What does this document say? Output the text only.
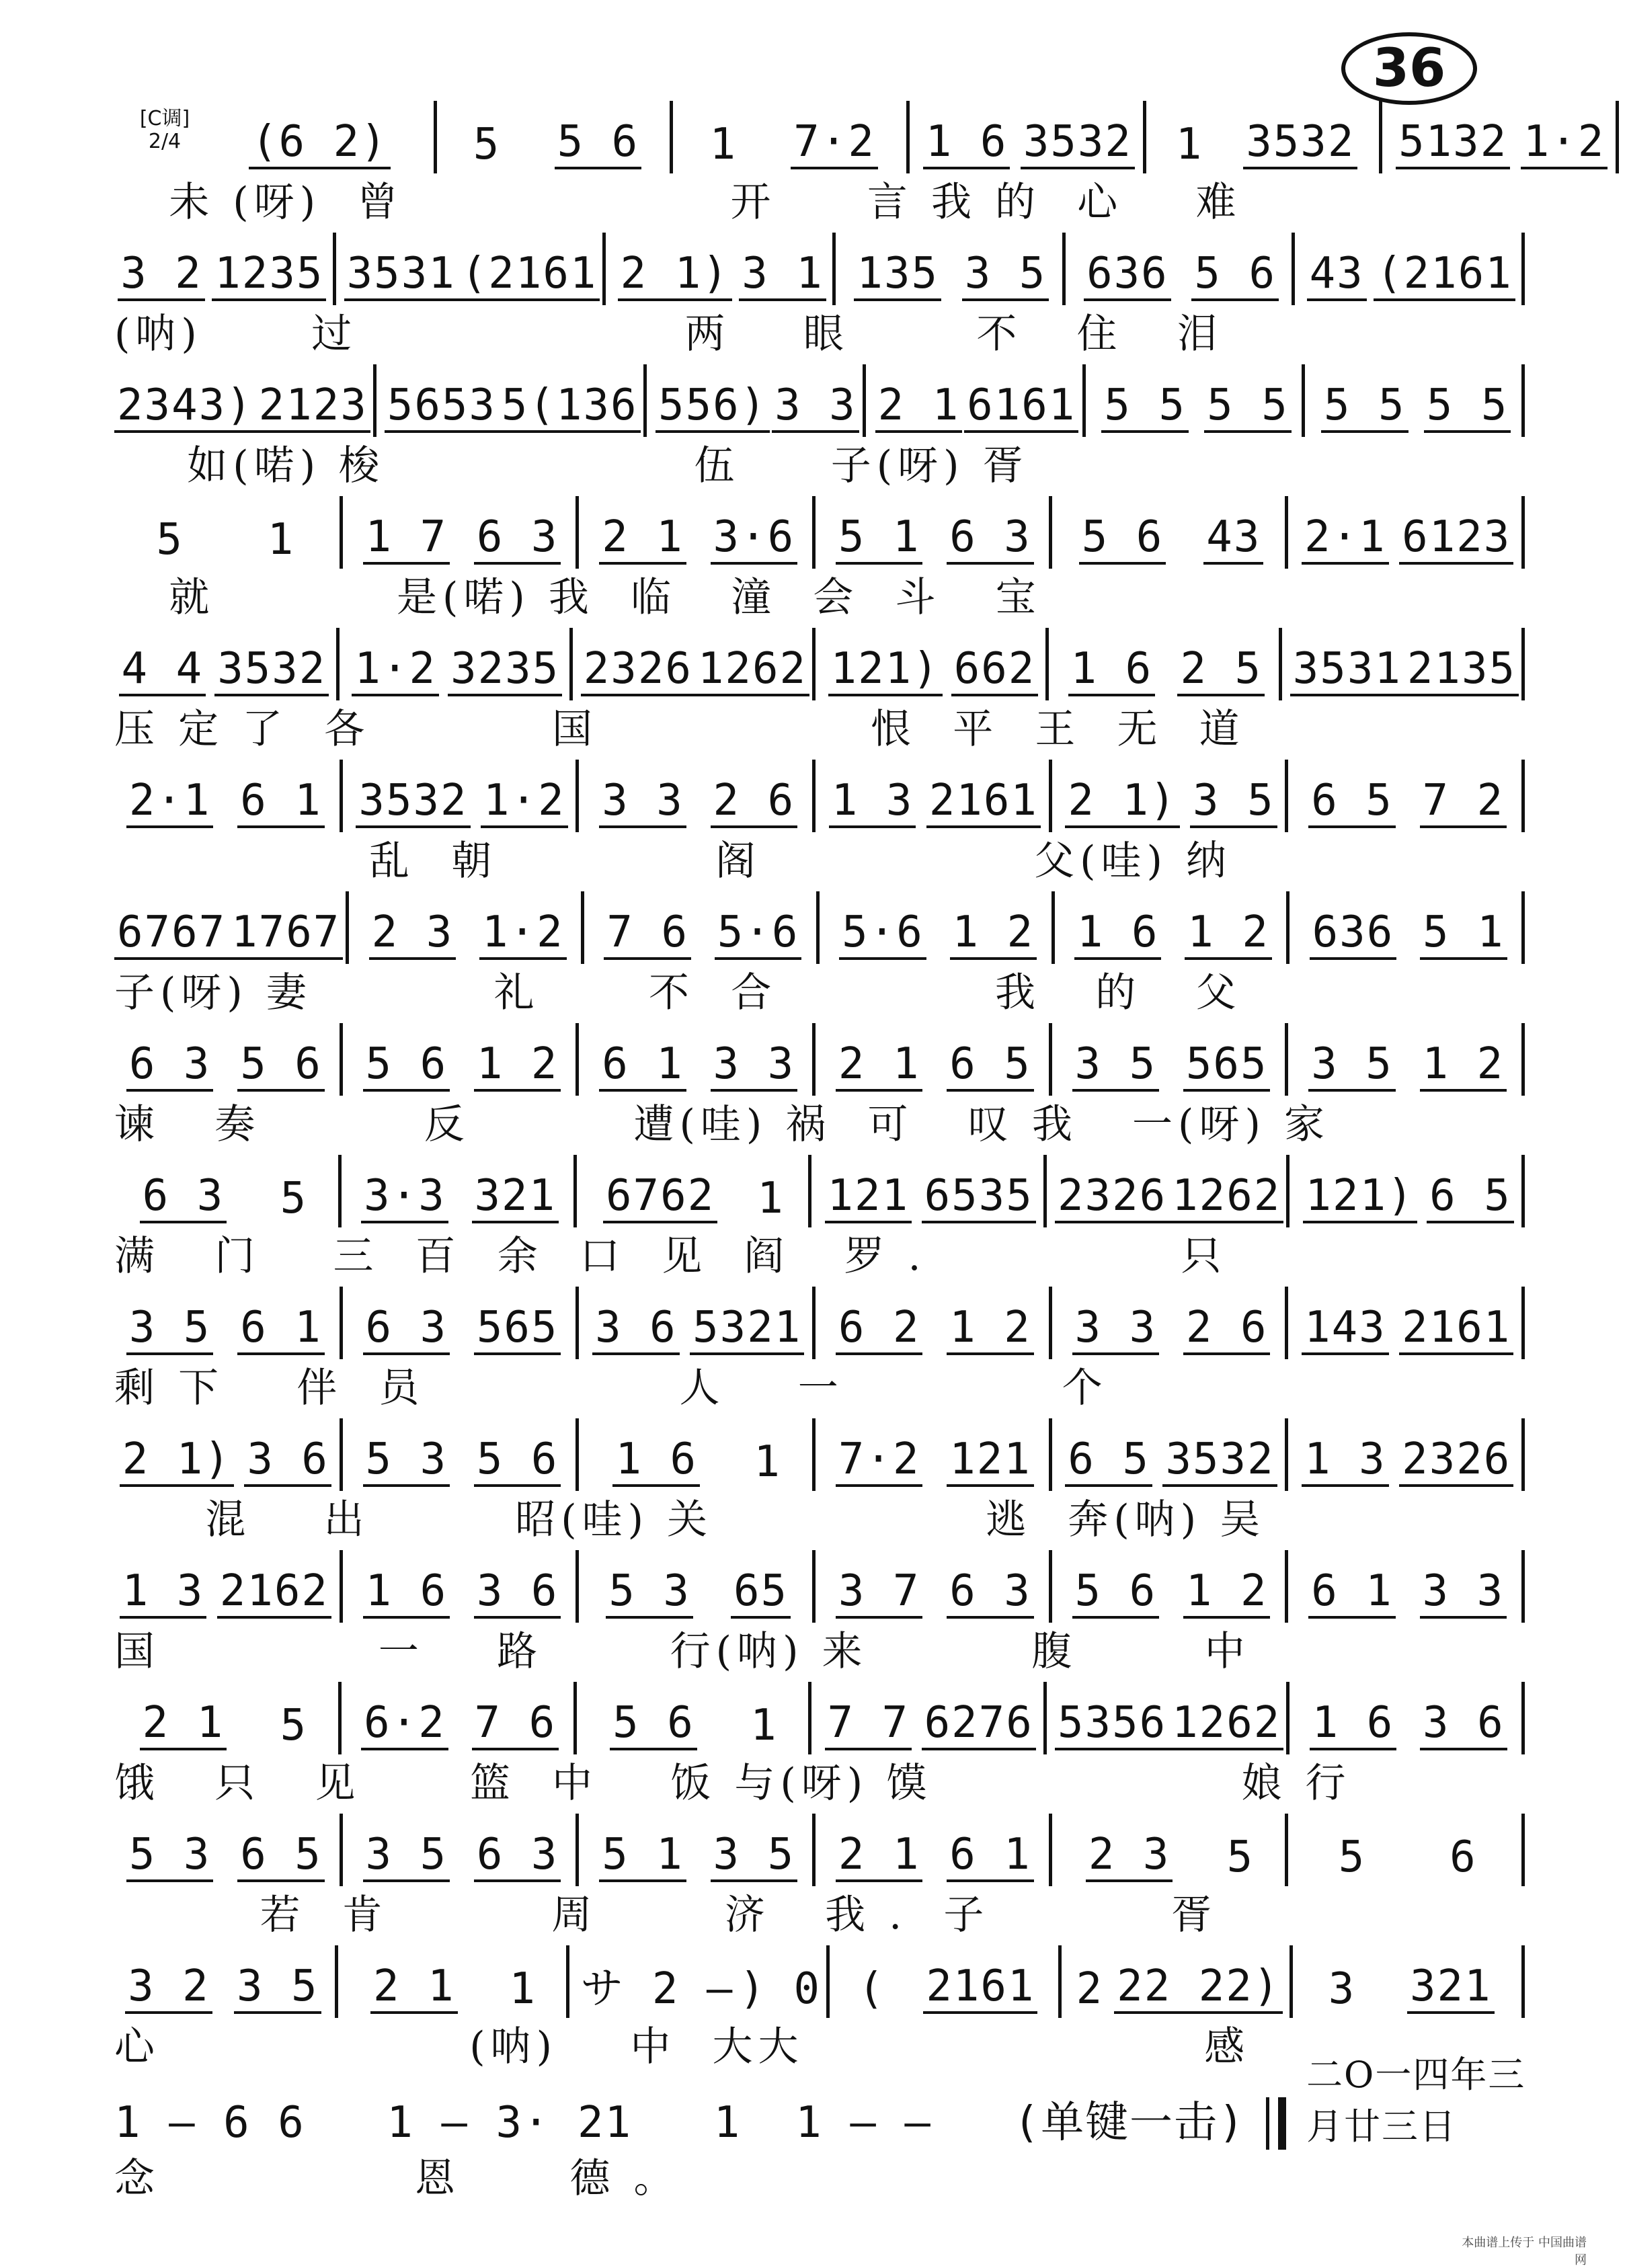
36
[C调] 2/4	(6 2) 5 5 6 1 7·2 1 6 3532 1 3532 5132 1·2
未 (呀)  曾                  开     言 我 的  心    难
3 2 1235 3531 (2161 2 1) 3 1 135 3 5 636 5 6 43 (2161
(呐)      过                  两    眼       不   住   泪
2343) 2123 5653 5(136 556) 3 3 2 1 6161 5 5 5 5 5 5 5 5
如(喏) 梭                 伍     子(呀) 胥
5 1 1 7 6 3 2 1 3·6 5 1 6 3 5 6 43 2·1 6123
就          是(喏) 我  临   潼  会  斗   宝
4 4 3532 1·2 3235 2326 1262 121) 662 1 6 2 5 3531 2135
压 定 了  各          国               恨  平  王  无  道
2·1 6 1 3532 1·2 3 3 2 6 1 3 2161 2 1) 3 5 6 5 7 2
乱  朝            阁               父(哇) 纳
6767 1767 2 3 1·2 7 6 5·6 5·6 1 2 1 6 1 2 636 5 1
子(呀) 妻          礼      不  合            我   的   父
6 3 5 6 5 6 1 2 6 1 3 3 2 1 6 5 3 5 565 3 5 1 2
谏   奏         反         遭(哇) 祸  可   叹 我   一(呀) 家
6 3 5 3·3 321 6762 1 121 6535 2326 1262 121) 6 5
满   门    三  百  余  口  见  阎   罗 .              只
3 5 6 1 6 3 565 3 6 5321 6 2 1 2 3 3 2 6 143 2161
剩 下    伴  员              人    一            个
2 1) 3 6 5 3 5 6 1 6 1 7·2 121 6 5 3532 1 3 2326
混    出        昭(哇) 关               逃  奔(呐) 吴
1 3 2162 1 6 3 6 5 3 65 3 7 6 3 5 6 1 2 6 1 3 3
国            一    路       行(呐) 来         腹       中
2 1 5 6·2 7 6 5 6 1 7 7 6276 5356 1262 1 6 3 6
饿   只   见      篮  中    饭 与(呀) 馍                 娘 行
5 3 6 5 3 5 6 3 5 1 3 5 2 1 6 1 2 3 5 5 6
若  肯         周       济   我 .  子          胥
3 2 3 5 2 1 1 サ 2 — ) 0 ( 2161 2 22 22) 3 321
心                 (呐)    中  大大                      感
1 — 6 6   1 — 3· 21   1  1 — —   (单键一击)
二O一四年三月廿三日
念              恩      德 。
本曲谱上传于 中国曲谱网
